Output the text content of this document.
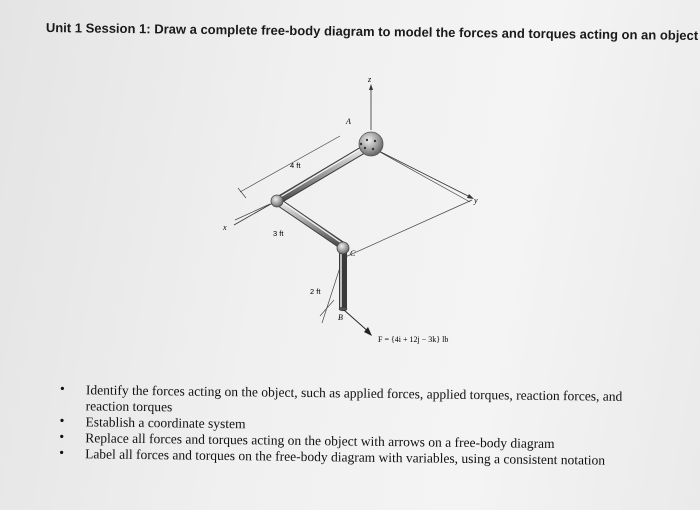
Unit 1 Session 1: Draw a complete free-body diagram to model the forces and torques acting on an object
z
y
x
A
C
B
4 ft
3 ft
2 ft
F = {4i + 12j − 3k} lb
• Identify the forces acting on the object, such as applied forces, applied torques, reaction forces, and reaction torques
• Establish a coordinate system
• Replace all forces and torques acting on the object with arrows on a free-body diagram
• Label all forces and torques on the free-body diagram with variables, using a consistent notation
